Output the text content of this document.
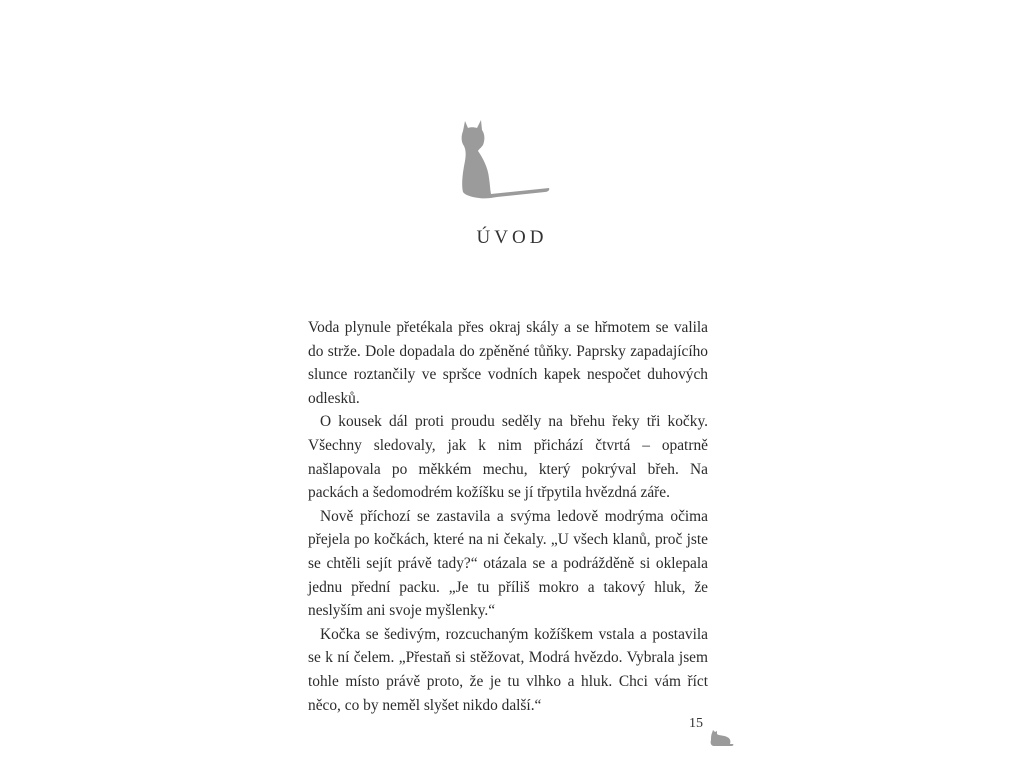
ÚVOD

Voda plynule přetékala přes okraj skály a se hřmotem se valila do strže. Dole dopadala do zpěněné tůňky. Paprsky zapadajícího slunce roztančily ve spršce vodních kapek nespočet duhových odlesků.

O kousek dál proti proudu seděly na břehu řeky tři kočky. Všechny sledovaly, jak k nim přichází čtvrtá – opatrně našlapovala po měkkém mechu, který pokrýval břeh. Na packách a šedomodrém kožíšku se jí třpytila hvězdná záře.

Nově příchozí se zastavila a svýma ledově modrýma očima přejela po kočkách, které na ni čekaly. „U všech klanů, proč jste se chtěli sejít právě tady?“ otázala se a podrážděně si oklepala jednu přední packu. „Je tu příliš mokro a takový hluk, že neslyším ani svoje myšlenky.“

Kočka se šedivým, rozcuchaným kožíškem vstala a postavila se k ní čelem. „Přestaň si stěžovat, Modrá hvězdo. Vybrala jsem tohle místo právě proto, že je tu vlhko a hluk. Chci vám říct něco, co by neměl slyšet nikdo další.“

15
